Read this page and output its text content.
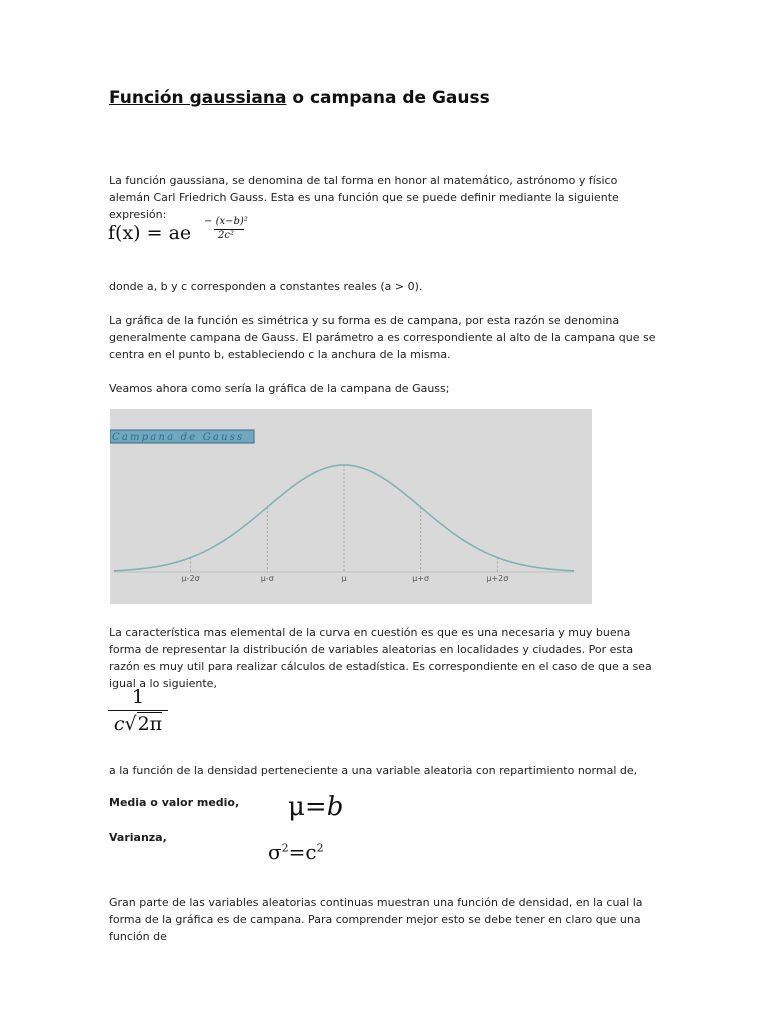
Función gaussiana o campana de Gauss

La función gaussiana, se denomina de tal forma en honor al matemático, astrónomo y físico alemán Carl Friedrich Gauss. Esta es una función que se puede definir mediante la siguiente expresión:

f(x) = ae
− (x−b)²
2c²

donde a, b y c corresponden a constantes reales (a > 0).

La gráfica de la función es simétrica y su forma es de campana, por esta razón se denomina generalmente campana de Gauss. El parámetro a es correspondiente al alto de la campana que se centra en el punto b, estableciendo c la anchura de la misma.

Veamos ahora como sería la gráfica de la campana de Gauss;

Campana de Gauss
μ-2σ	μ-σ	μ	μ+σ	μ+2σ

La característica mas elemental de la curva en cuestión es que es una necesaria y muy buena forma de representar la distribución de variables aleatorias en localidades y ciudades. Por esta razón es muy util para realizar cálculos de estadística. Es correspondiente en el caso de que a sea igual a lo siguiente,

1
c√2π

a la función de la densidad perteneciente a una variable aleatoria con repartimiento normal de,

Media o valor medio,	μ=b

Varianza,

$\sigma^2=c^2$

Gran parte de las variables aleatorias continuas muestran una función de densidad, en la cual la forma de la gráfica es de campana. Para comprender mejor esto se debe tener en claro que una función de
